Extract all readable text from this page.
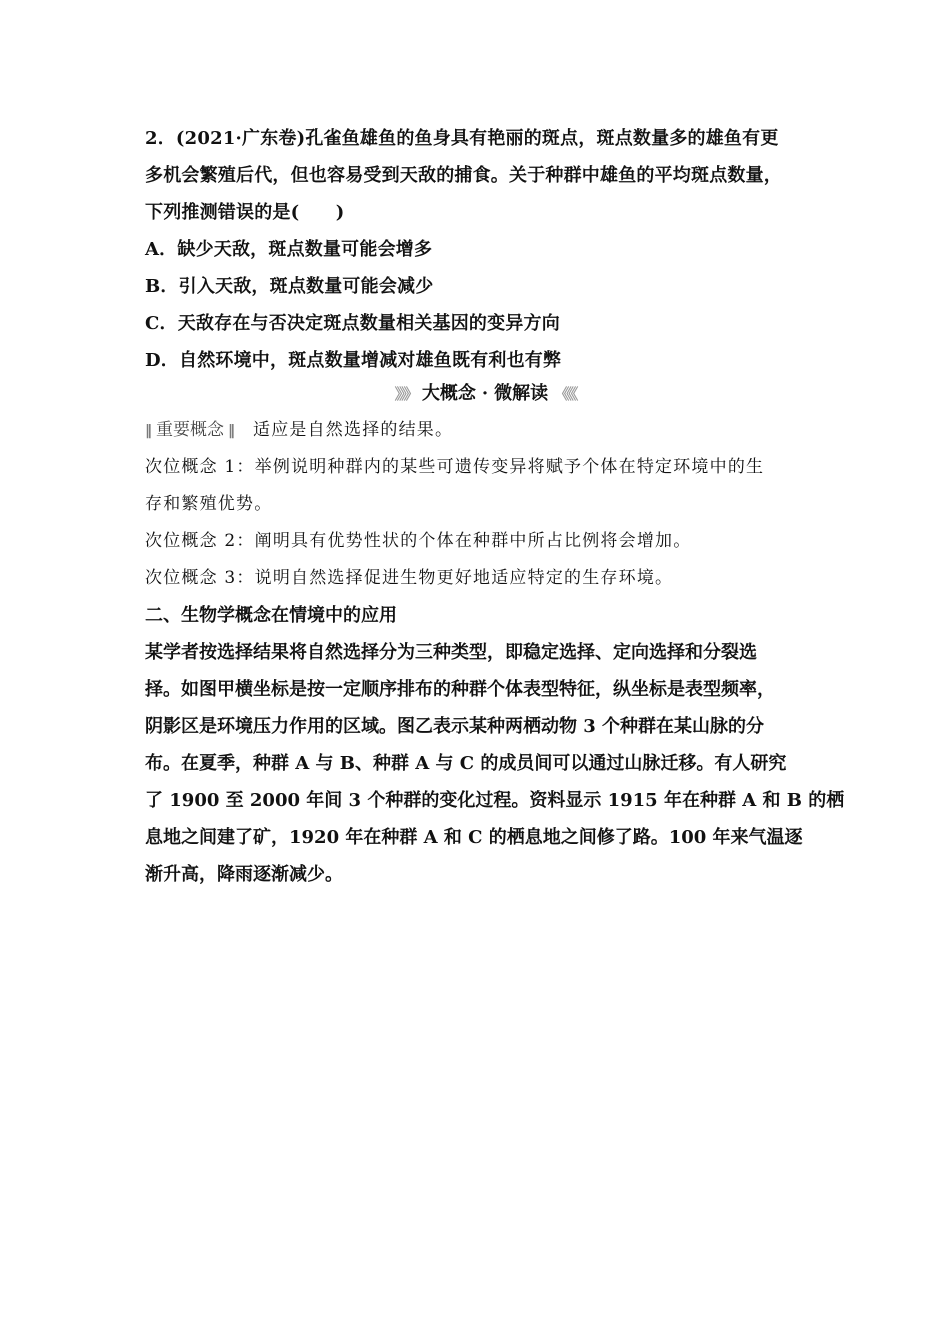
2．(2021·广东卷)孔雀鱼雄鱼的鱼身具有艳丽的斑点，斑点数量多的雄鱼有更
多机会繁殖后代，但也容易受到天敌的捕食。关于种群中雄鱼的平均斑点数量，
下列推测错误的是(　　)
A．缺少天敌，斑点数量可能会增多
B．引入天敌，斑点数量可能会减少
C．天敌存在与否决定斑点数量相关基因的变异方向
D．自然环境中，斑点数量增减对雄鱼既有利也有弊
》》》 大概念 · 微解读 《《《
‖ 重要概念 ‖ 适应是自然选择的结果。
次位概念 1：举例说明种群内的某些可遗传变异将赋予个体在特定环境中的生
存和繁殖优势。
次位概念 2：阐明具有优势性状的个体在种群中所占比例将会增加。
次位概念 3：说明自然选择促进生物更好地适应特定的生存环境。
二、生物学概念在情境中的应用
某学者按选择结果将自然选择分为三种类型，即稳定选择、定向选择和分裂选
择。如图甲横坐标是按一定顺序排布的种群个体表型特征，纵坐标是表型频率，
阴影区是环境压力作用的区域。图乙表示某种两栖动物 3 个种群在某山脉的分
布。在夏季，种群 A 与 B、种群 A 与 C 的成员间可以通过山脉迁移。有人研究
了 1900 至 2000 年间 3 个种群的变化过程。资料显示 1915 年在种群 A 和 B 的栖
息地之间建了矿，1920 年在种群 A 和 C 的栖息地之间修了路。100 年来气温逐
渐升高，降雨逐渐减少。
